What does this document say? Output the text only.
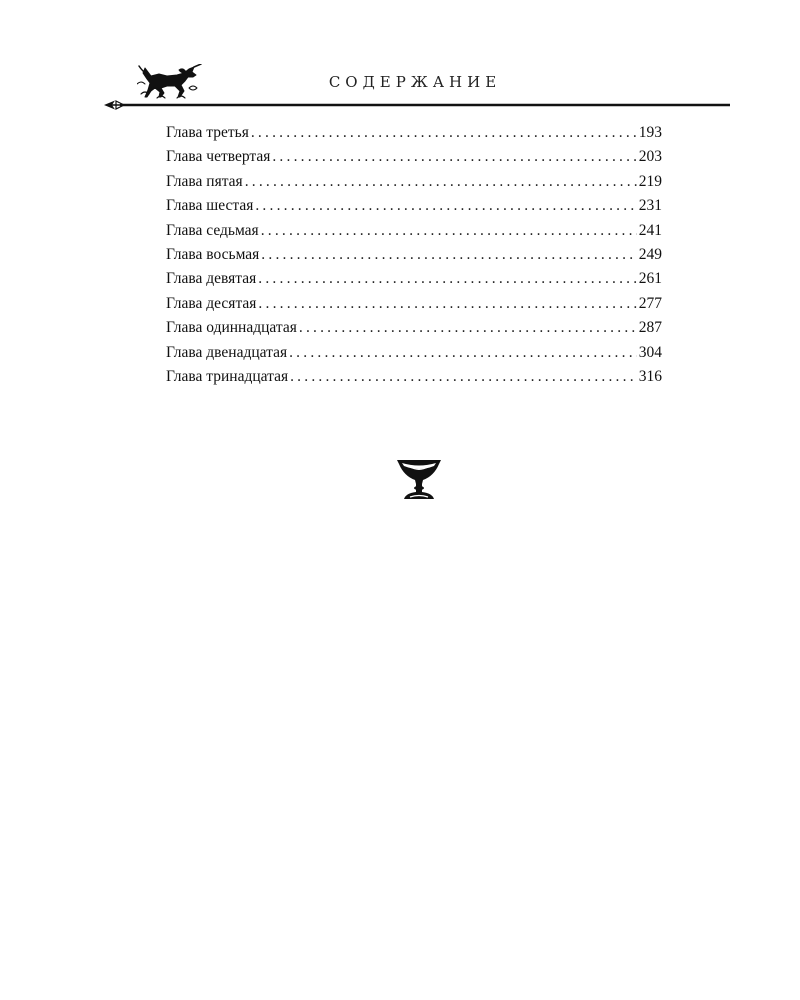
СОДЕРЖАНИЕ
Глава третья .....	193
Глава четвертая .....	203
Глава пятая .....	219
Глава шестая .....	231
Глава седьмая .....	241
Глава восьмая .....	249
Глава девятая .....	261
Глава десятая .....	277
Глава одиннадцатая .....	287
Глава двенадцатая .....	304
Глава тринадцатая .....	316
